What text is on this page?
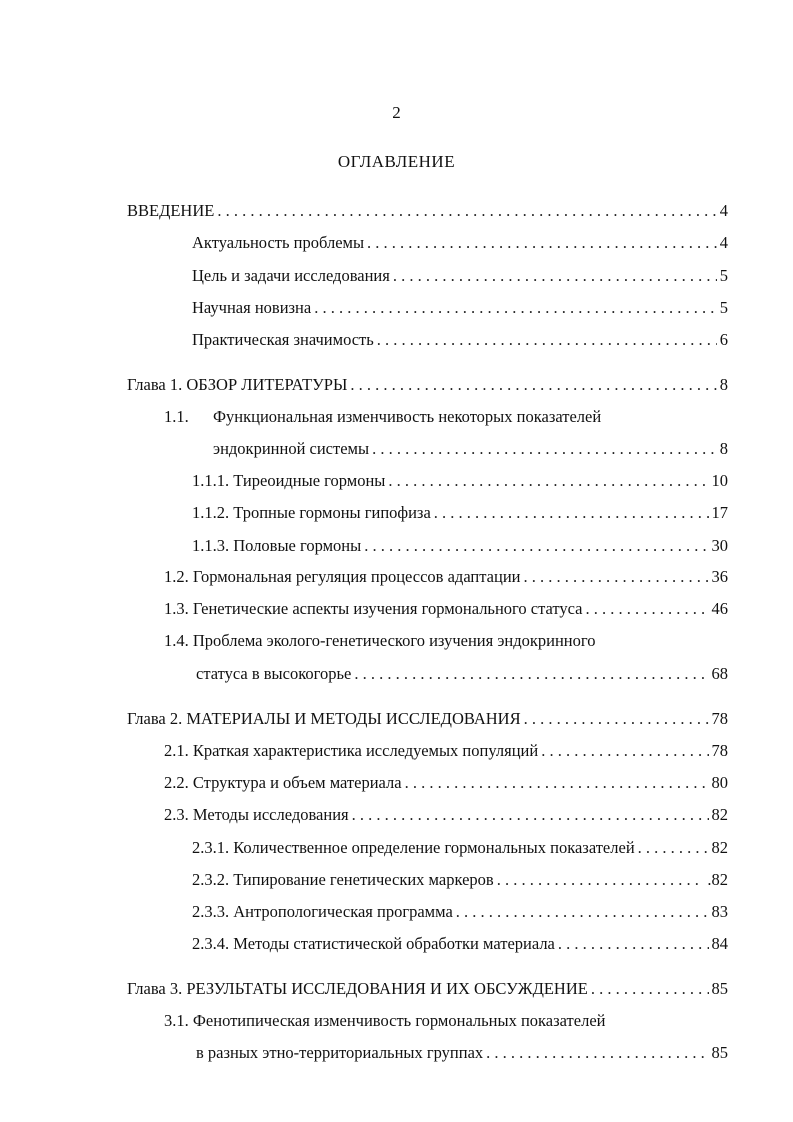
2
ОГЛАВЛЕНИЕ
ВВЕДЕНИЕ . . .	4
Актуальность проблемы . . .	4
Цель и задачи исследования . . .	5
Научная новизна . . .	5
Практическая значимость . . .	6
Глава 1. ОБЗОР ЛИТЕРАТУРЫ . . .	8
1.1. Функциональная изменчивость некоторых показателей
эндокринной системы . . .	8
1.1.1. Тиреоидные гормоны . . .	10
1.1.2. Тропные гормоны гипофиза . . .	17
1.1.3. Половые гормоны . . .	30
1.2. Гормональная регуляция процессов адаптации . . .	36
1.3. Генетические аспекты изучения гормонального статуса . . .	46
1.4. Проблема эколого-генетического изучения эндокринного
статуса в высокогорье . . .	68
Глава 2. МАТЕРИАЛЫ И МЕТОДЫ ИССЛЕДОВАНИЯ . . .	78
2.1. Краткая характеристика исследуемых популяций . . .	78
2.2. Структура и объем материала . . .	80
2.3. Методы исследования . . .	82
2.3.1. Количественное определение гормональных показателей . . .	82
2.3.2. Типирование генетических маркеров . . .	.82
2.3.3. Антропологическая программа . . .	83
2.3.4. Методы статистической обработки материала . . .	84
Глава 3. РЕЗУЛЬТАТЫ ИССЛЕДОВАНИЯ И ИХ ОБСУЖДЕНИЕ . . .	85
3.1. Фенотипическая изменчивость гормональных показателей
в разных этно-территориальных группах . . .	85
